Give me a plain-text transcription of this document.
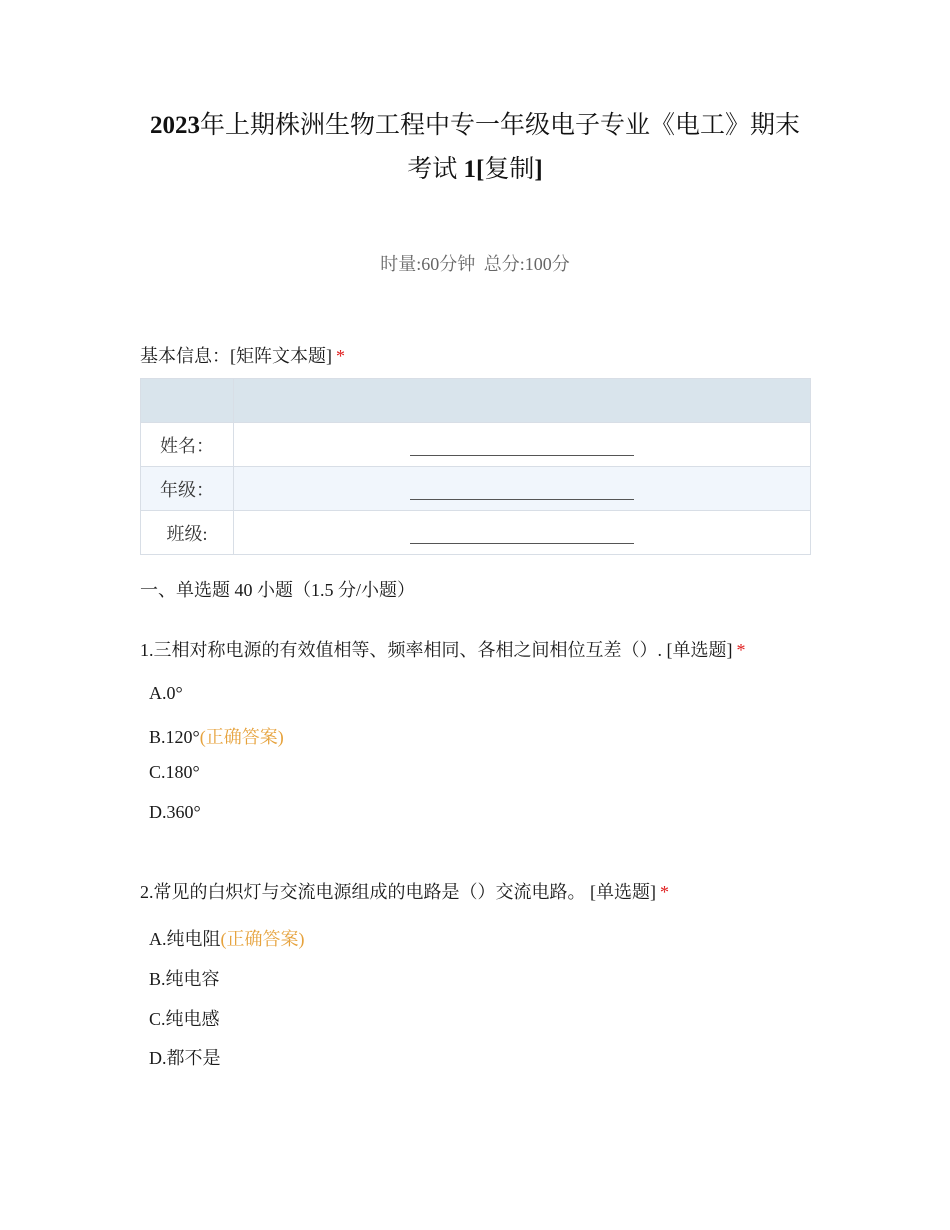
2023年上期株洲生物工程中专一年级电子专业《电工》期末
考试 1[复制]
时量:60分钟 总分:100分
基本信息：[矩阵文本题] *

姓名：	
年级：	
班级:	
一、单选题 40 小题（1.5 分/小题）
1.三相对称电源的有效值相等、频率相同、各相之间相位互差（）. [单选题] *
A.0°
B.120°(正确答案)
C.180°
D.360°
2.常见的白炽灯与交流电源组成的电路是（）交流电路。 [单选题] *
A.纯电阻(正确答案)
B.纯电容
C.纯电感
D.都不是
